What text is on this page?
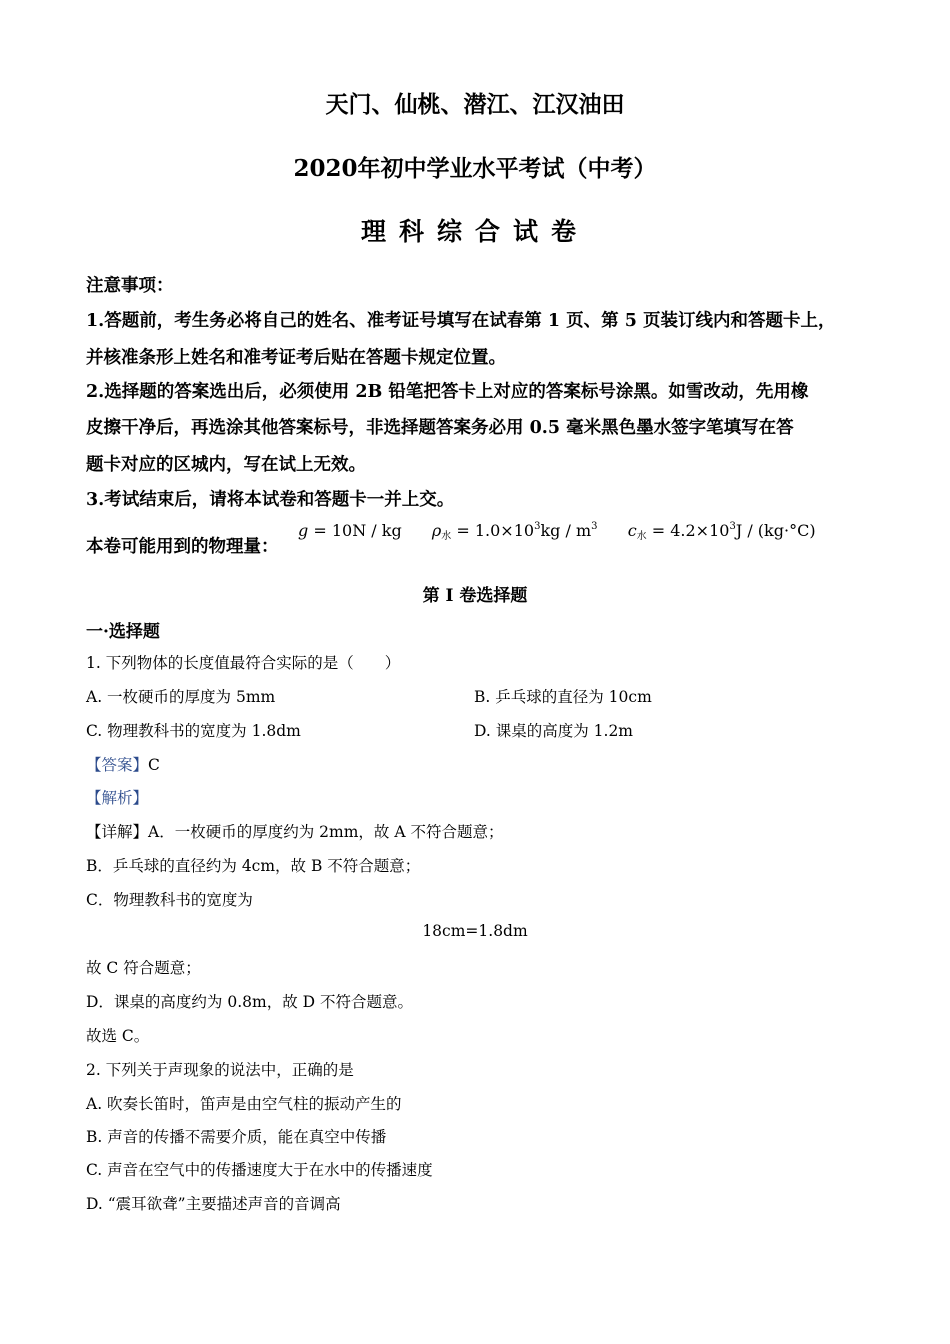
天门、仙桃、潜江、江汉油田
2020年初中学业水平考试（中考）
理科综合试卷
注意事项：
1.答题前，考生务必将自己的姓名、准考证号填写在试春第 1 页、第 5 页装订线内和答题卡上，
并核准条形上姓名和准考证考后贴在答题卡规定位置。
2.选择题的答案选出后，必须使用 2B 铅笔把答卡上对应的答案标号涂黑。如雪改动，先用橡
皮擦干净后，再选涂其他答案标号，非选择题答案务必用 0.5 毫米黑色墨水签字笔填写在答
题卡对应的区城内，写在试上无效。
3.考试结束后，请将本试卷和答题卡一并上交。
本卷可能用到的物理量：
g = 10N / kg $\rho_水 = 1.0\times 10^3kg / m^3$ $c_水 = 4.2\times 10^3J / (kg\cdot^\circ C)$
第 I 卷选择题
一·选择题
1. 下列物体的长度值最符合实际的是（　　）
A. 一枚硬币的厚度为 5mm	B. 乒乓球的直径为 10cm
C. 物理教科书的宽度为 1.8dm	D. 课桌的高度为 1.2m
【答案】C
【解析】
【详解】A．一枚硬币的厚度约为 2mm，故 A 不符合题意；
B．乒乓球的直径约为 4cm，故 B 不符合题意；
C．物理教科书的宽度为
18cm=1.8dm
故 C 符合题意；
D．课桌的高度约为 0.8m，故 D 不符合题意。
故选 C。
2. 下列关于声现象的说法中，正确的是
A. 吹奏长笛时，笛声是由空气柱的振动产生的
B. 声音的传播不需要介质，能在真空中传播
C. 声音在空气中的传播速度大于在水中的传播速度
D. “震耳欲聋”主要描述声音的音调高
